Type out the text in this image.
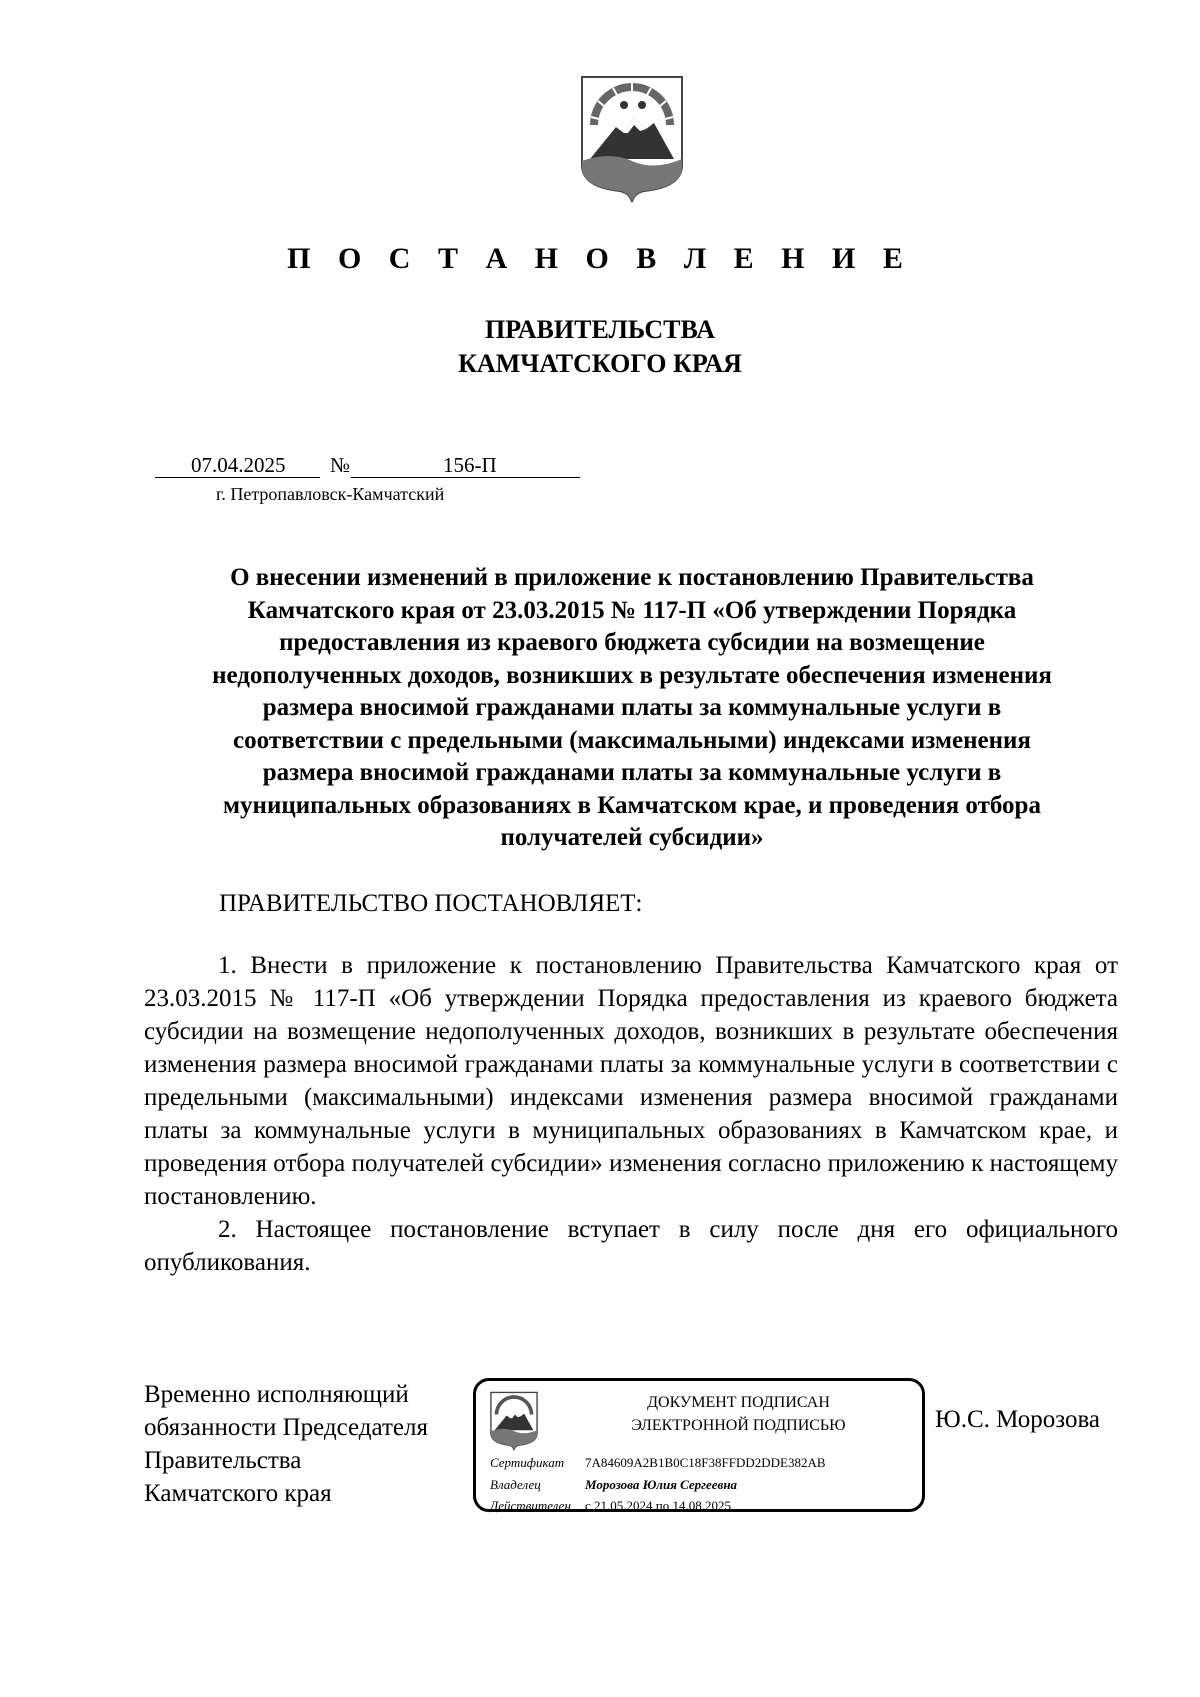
П О С Т А Н О В Л Е Н И Е
ПРАВИТЕЛЬСТВА
КАМЧАТСКОГО КРАЯ
07.04.2025 №	156-П
г. Петропавловск-Камчатский
О внесении изменений в приложение к постановлению Правительства
Камчатского края от 23.03.2015 № 117-П «Об утверждении Порядка
предоставления из краевого бюджета субсидии на возмещение
недополученных доходов, возникших в результате обеспечения изменения
размера вносимой гражданами платы за коммунальные услуги в
соответствии с предельными (максимальными) индексами изменения
размера вносимой гражданами платы за коммунальные услуги в
муниципальных образованиях в Камчатском крае, и проведения отбора
получателей субсидии»
ПРАВИТЕЛЬСТВО ПОСТАНОВЛЯЕТ:

1. Внести в приложение к постановлению Правительства Камчатского края от 23.03.2015 № 117-П «Об утверждении Порядка предоставления из краевого бюджета субсидии на возмещение недополученных доходов, возникших в результате обеспечения изменения размера вносимой гражданами платы за коммунальные услуги в соответствии с предельными (максимальными) индексами изменения размера вносимой гражданами платы за коммунальные услуги в муниципальных образованиях в Камчатском крае, и проведения отбора получателей субсидии» изменения согласно приложению к настоящему постановлению.

2. Настоящее постановление вступает в силу после дня его официального опубликования.

Временно исполняющий
обязанности Председателя
Правительства
Камчатского края
ДОКУМЕНТ ПОДПИСАН
ЭЛЕКТРОННОЙ ПОДПИСЬЮ
Сертификат 7A84609A2B1B0C18F38FFDD2DDE382AB
Владелец	Морозова Юлия Сергеевна
Действителен с 21.05.2024 по 14.08.2025
Ю.С. Морозова
